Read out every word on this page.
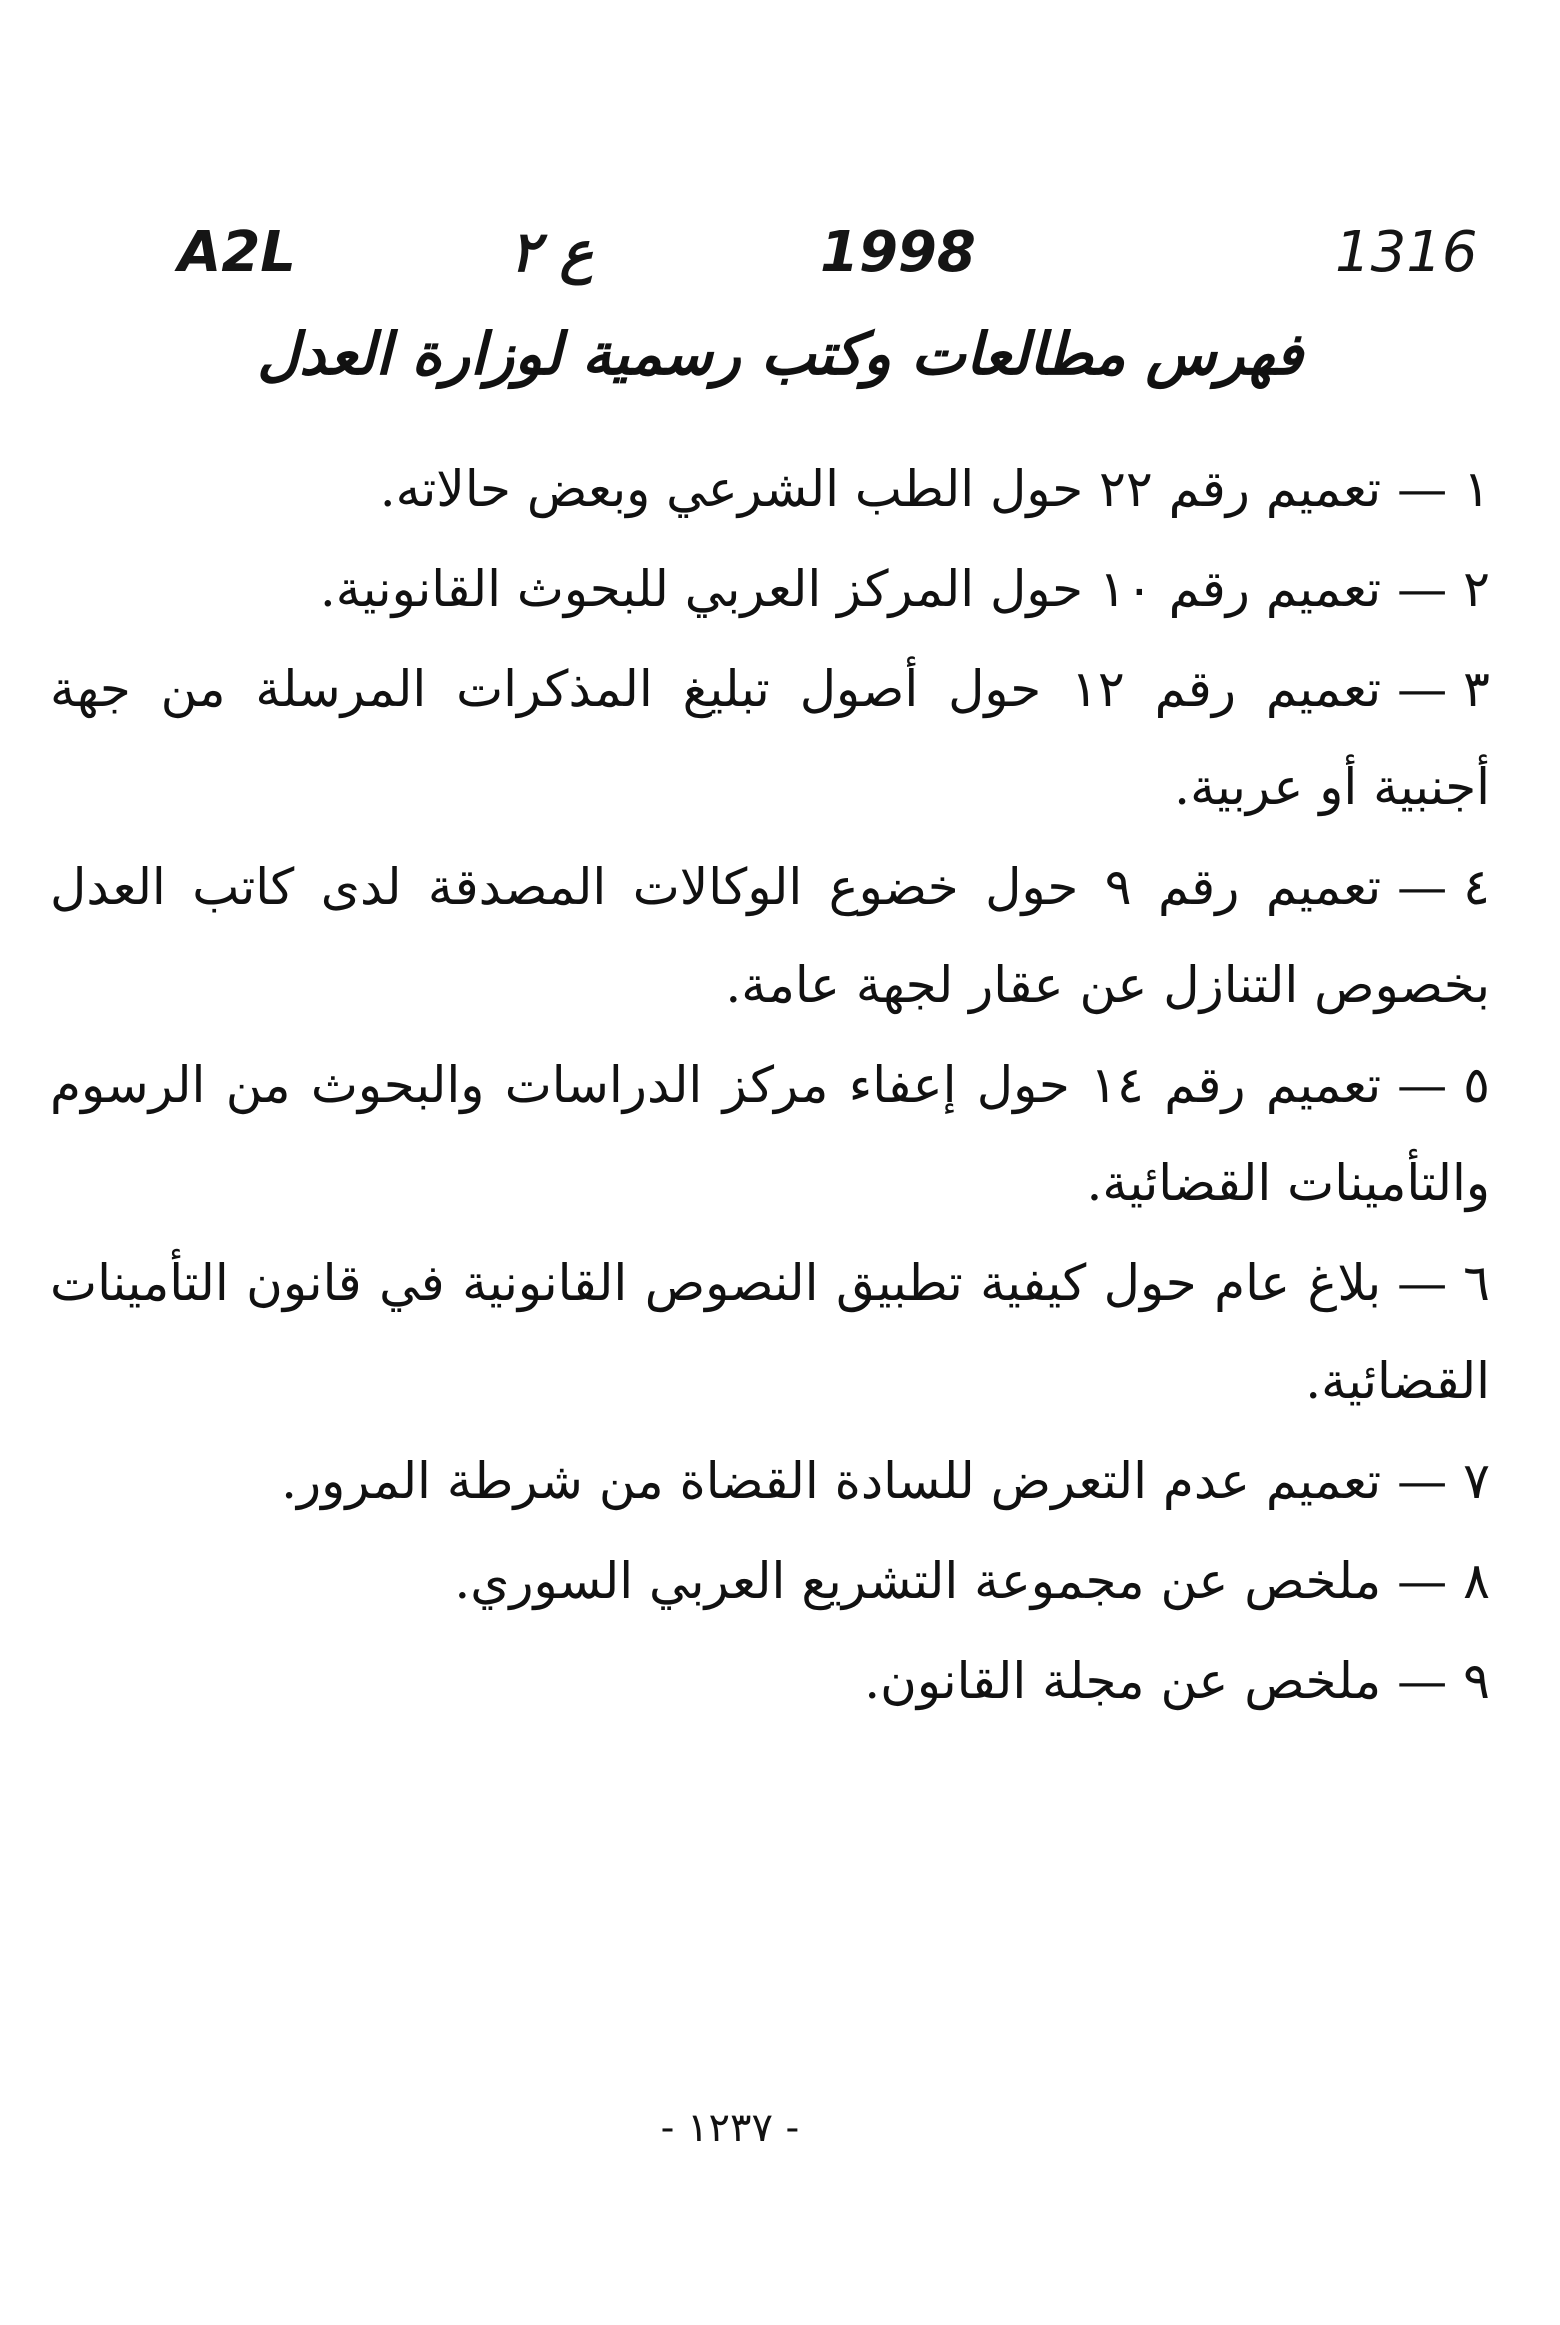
A2L	ع ٢	1998	1316
فهرس مطالعات وكتب رسمية لوزارة العدل

١—تعميم رقم ٢٢ حول الطب الشرعي وبعض حالاته.

٢—تعميم رقم ١٠ حول المركز العربي للبحوث القانونية.

٣—تعميم رقم ١٢ حول أصول تبليغ المذكرات المرسلة من جهة أجنبية أو عربية.

٤—تعميم رقم ٩ حول خضوع الوكالات المصدقة لدى كاتب العدل بخصوص التنازل عن عقار لجهة عامة.

٥—تعميم رقم ١٤ حول إعفاء مركز الدراسات والبحوث من الرسوم والتأمينات القضائية.

٦—بلاغ عام حول كيفية تطبيق النصوص القانونية في قانون التأمينات القضائية.

٧—تعميم عدم التعرض للسادة القضاة من شرطة المرور.

٨—ملخص عن مجموعة التشريع العربي السوري.

٩—ملخص عن مجلة القانون.

- ١٢٣٧ -
